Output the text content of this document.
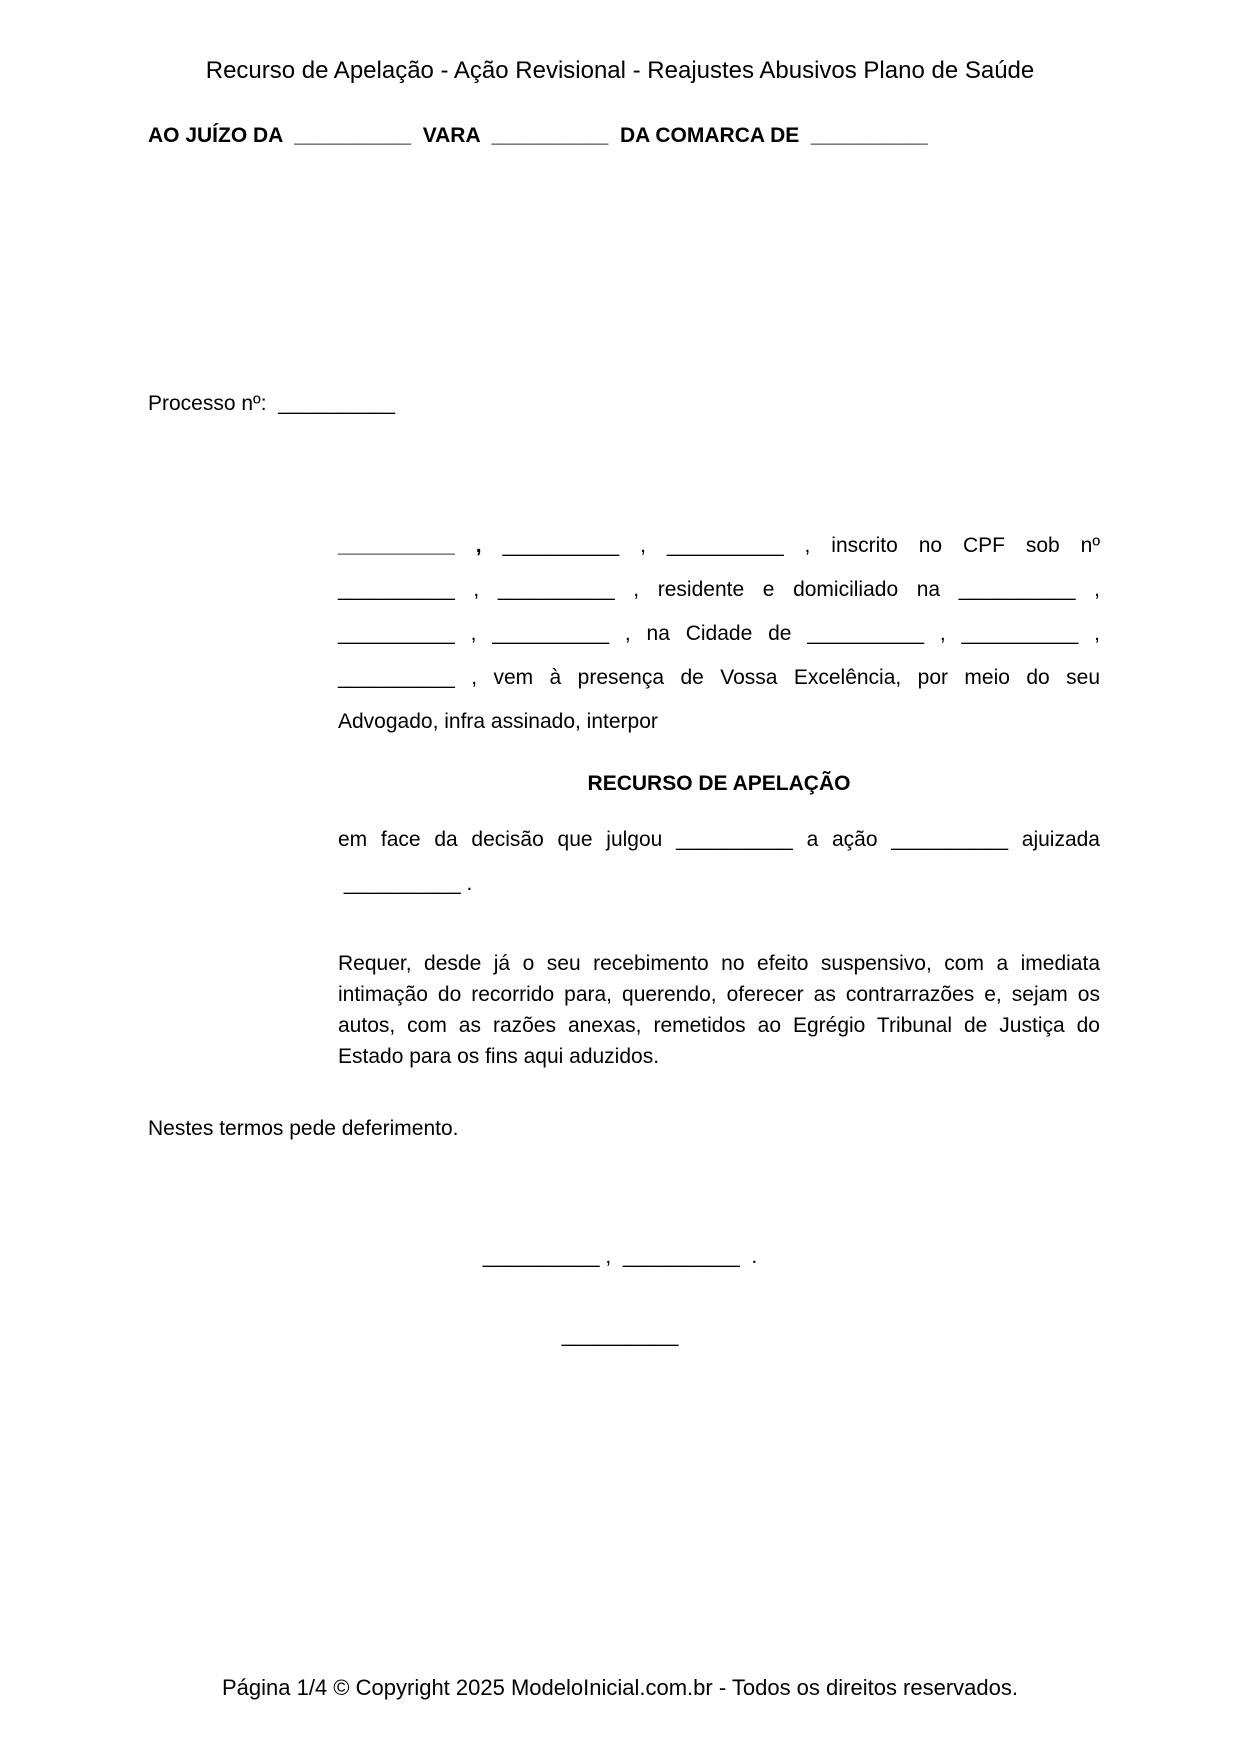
Recurso de Apelação - Ação Revisional - Reajustes Abusivos Plano de Saúde
AO JUÍZO DA  __________  VARA  __________  DA COMARCA DE  __________
Processo nº:  __________
__________ , __________ , __________ , inscrito no CPF sob nº
__________ , __________ , residente e domiciliado na __________ ,
__________ , __________ , na Cidade de __________ , __________ ,
__________ , vem à presença de Vossa Excelência, por meio do seu
Advogado, infra assinado, interpor
RECURSO DE APELAÇÃO
em face da decisão que julgou __________ a ação __________ ajuizada
__________ .
Requer, desde já o seu recebimento no efeito suspensivo, com a imediata
intimação do recorrido para, querendo, oferecer as contrarrazões e, sejam os
autos, com as razões anexas, remetidos ao Egrégio Tribunal de Justiça do
Estado para os fins aqui aduzidos.
Nestes termos pede deferimento.
__________ ,  __________  .
__________
Página 1/4 © Copyright 2025 ModeloInicial.com.br - Todos os direitos reservados.
